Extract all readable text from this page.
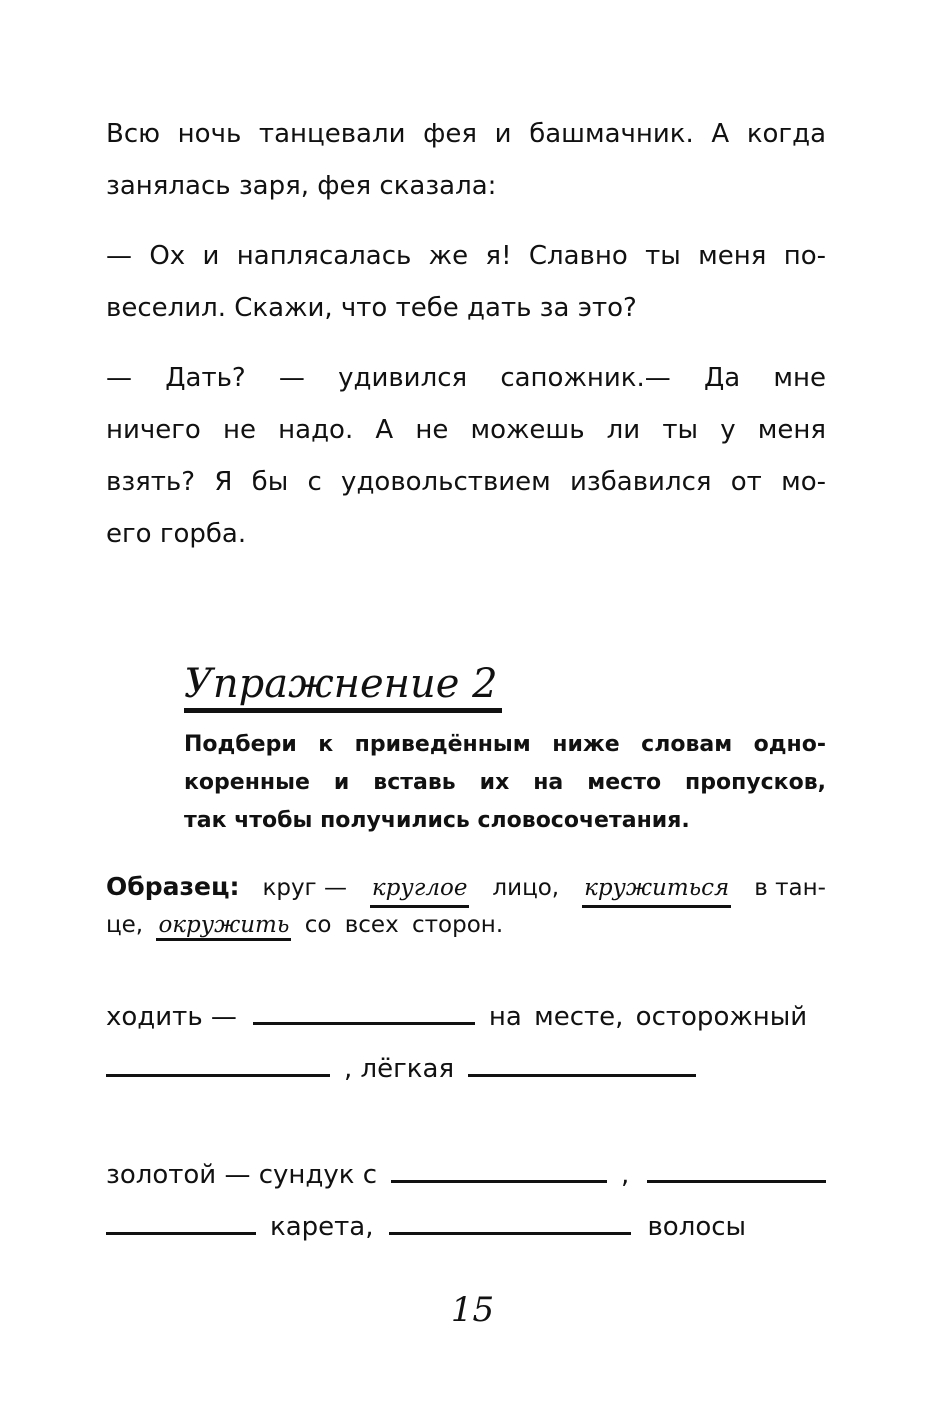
Всю ночь танцевали фея и башмачник. А когда
занялась заря, фея сказала:
— Ох и наплясалась же я! Славно ты меня по-
веселил. Скажи, что тебе дать за это?
— Дать? — удивился сапожник.— Да мне
ничего не надо. А не можешь ли ты у меня
взять? Я бы с удовольствием избавился от мо-
его горба.
Упражнение 2
Подбери к приведённым ниже словам одно-
коренные и вставь их на место пропусков,
так чтобы получились словосочетания.
Образец: круг — круглое лицо, кружиться в тан-
це, окружить со всех сторон.
ходить —	на месте, осторожный
, лёгкая
золотой — сундук с	,
карета,	волосы
15
